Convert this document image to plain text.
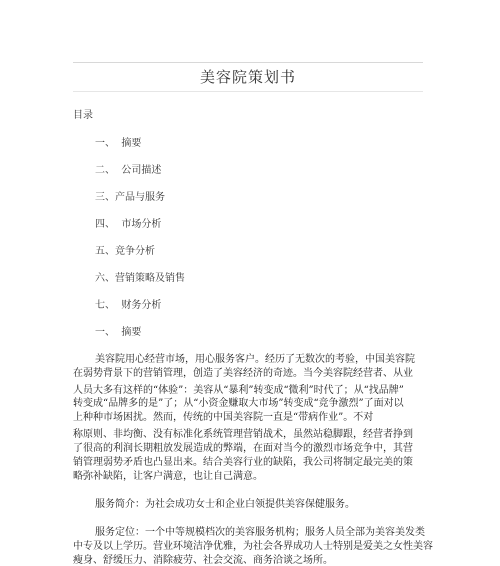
美容院策划书
目录
一、  摘要
二、  公司描述
三、产品与服务
四、  市场分析
五、竞争分析
六、营销策略及销售
七、  财务分析
一、  摘要
美容院用心经营市场，用心服务客户。经历了无数次的考验，中国美容院
在弱势背景下的营销管理，创造了美容经济的奇迹。当今美容院经营者、从业
人员大多有这样的“体验”：美容从“暴利”转变成“微利”时代了；从“找品牌”
转变成“品牌多的是”了；从“小资金赚取大市场”转变成“竞争激烈”了面对以
上种种市场困扰。然而，传统的中国美容院一直是“带病作业”。不对
称原则、非均衡、没有标准化系统管理营销战术，虽然站稳脚跟，经营者挣到
了很高的利润长期粗放发展造成的弊端，在面对当今的激烈市场竞争中，其营
销管理弱势矛盾也凸显出来。结合美容行业的缺陷，我公司将制定最完美的策
略弥补缺陷，让客户满意，也让自己满意。
服务简介：为社会成功女士和企业白领提供美容保健服务。
服务定位：一个中等规模档次的美容服务机构；服务人员全部为美容美发类
中专及以上学历。营业环境洁净优雅，为社会各界成功人士特别是爱美之女性美容
瘦身、舒缓压力、消除疲劳、社会交流、商务洽谈之场所。
